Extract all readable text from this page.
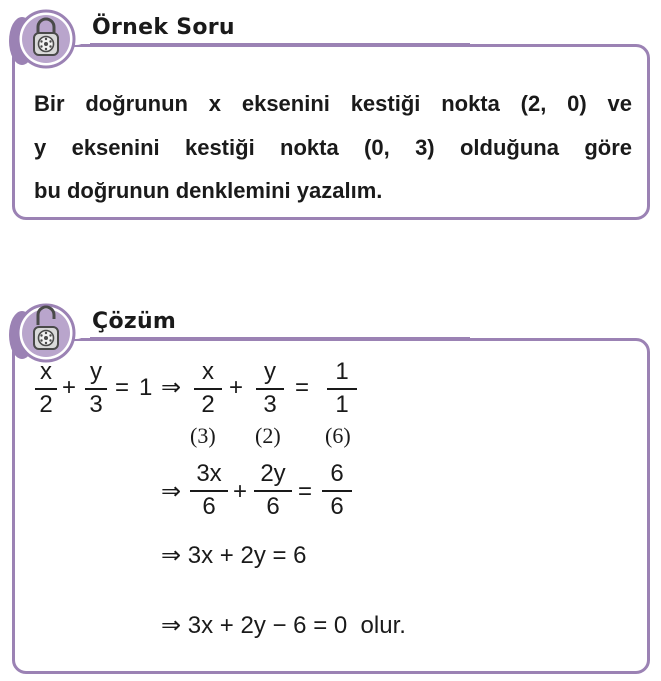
Örnek Soru
Bir doğrunun x eksenini kestiği nokta (2, 0) ve
y eksenini kestiği nokta (0, 3) olduğuna göre
bu doğrunun denklemini yazalım.
Çözüm
x
2
+
y
3
= 1 ⇒
x
2
+
y
3
=
1
1
(3) (2) (6)
⇒
3x
6
+
2y
6
=
6
6
⇒ 3x + 2y = 6
⇒ 3x + 2y − 6 = 0  olur.
